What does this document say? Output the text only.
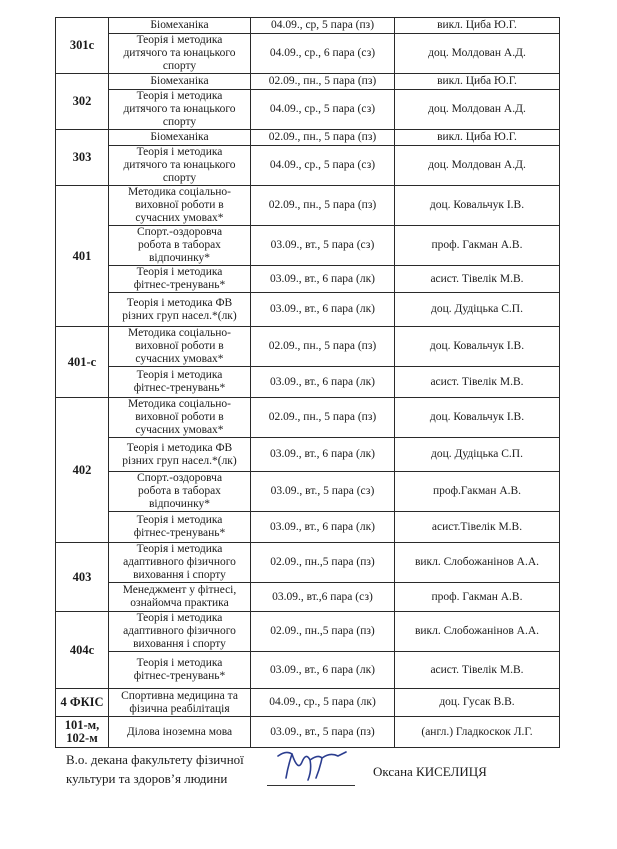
301с	Біомеханіка	04.09., ср, 5 пара (пз)	викл. Циба Ю.Г.
	Теорія і методика
дитячого та юнацького
спорту	04.09., ср., 6 пара (сз)	доц. Молдован А.Д.
302	Біомеханіка	02.09., пн., 5 пара (пз)	викл. Циба Ю.Г.
	Теорія і методика
дитячого та юнацького
спорту	04.09., ср., 5 пара (сз)	доц. Молдован А.Д.
303	Біомеханіка	02.09., пн., 5 пара (пз)	викл. Циба Ю.Г.
	Теорія і методика
дитячого та юнацького
спорту	04.09., ср., 5 пара (сз)	доц. Молдован А.Д.
401	Методика соціально-
виховної роботи в
сучасних умовах*	02.09., пн., 5 пара (пз)	доц. Ковальчук І.В.
	Спорт.-оздоровча
робота в таборах
відпочинку*	03.09., вт., 5 пара (сз)	проф. Гакман А.В.
	Теорія і методика
фітнес-тренувань*	03.09., вт., 6 пара (лк)	асист. Тівелік М.В.
	Теорія і методика ФВ
різних груп насел.*(лк)	03.09., вт., 6 пара (лк)	доц. Дудіцька С.П.
401-с	Методика соціально-
виховної роботи в
сучасних умовах*	02.09., пн., 5 пара (пз)	доц. Ковальчук І.В.
	Теорія і методика
фітнес-тренувань*	03.09., вт., 6 пара (лк)	асист. Тівелік М.В.
402	Методика соціально-
виховної роботи в
сучасних умовах*	02.09., пн., 5 пара (пз)	доц. Ковальчук І.В.
	Теорія і методика ФВ
різних груп насел.*(лк)	03.09., вт., 6 пара (лк)	доц. Дудіцька С.П.
	Спорт.-оздоровча
робота в таборах
відпочинку*	03.09., вт., 5 пара (сз)	проф.Гакман А.В.
	Теорія і методика
фітнес-тренувань*	03.09., вт., 6 пара (лк)	асист.Тівелік М.В.
403	Теорія і методика
адаптивного фізичного
виховання і спорту	02.09., пн.,5 пара (пз)	викл. Слобожанінов А.А.
	Менеджмент у фітнесі,
ознайомча практика	03.09., вт.,6 пара (сз)	проф. Гакман А.В.
404с	Теорія і методика
адаптивного фізичного
виховання і спорту	02.09., пн.,5 пара (пз)	викл. Слобожанінов А.А.
	Теорія і методика
фітнес-тренувань*	03.09., вт., 6 пара (лк)	асист. Тівелік М.В.
4 ФКІС	Спортивна медицина та
фізична реабілітація	04.09., ср., 5 пара (лк)	доц. Гусак В.В.
101-м,
102-м	Ділова іноземна мова	03.09., вт., 5 пара (пз)	(англ.) Гладкоскок Л.Г.
В.о. декана факультету фізичної
культури та здоров’я людини	Оксана КИСЕЛИЦЯ
